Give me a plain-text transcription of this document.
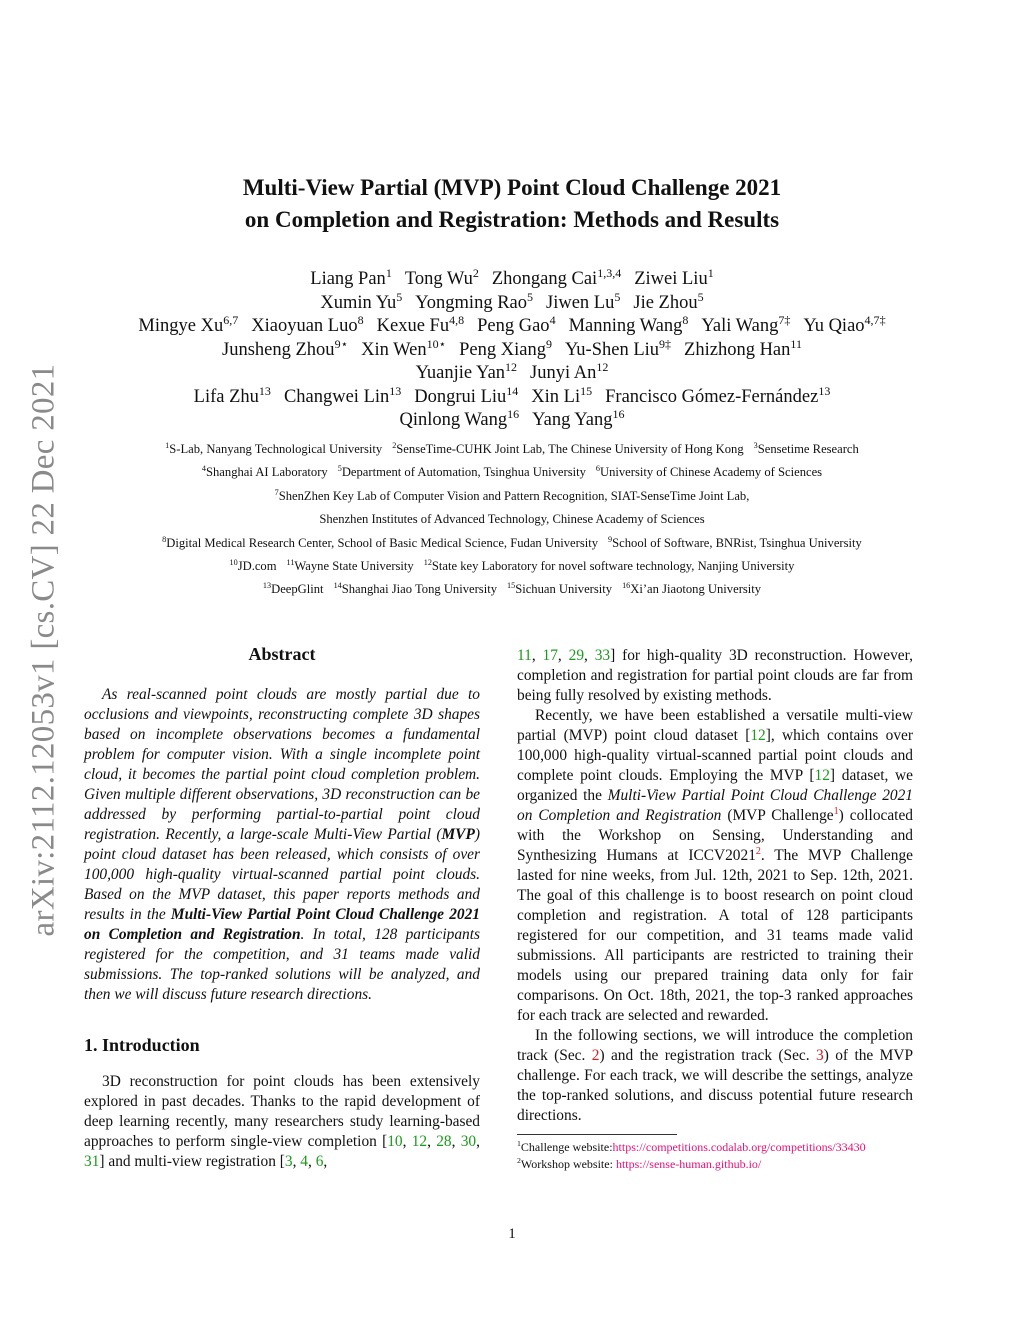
arXiv:2112.12053v1 [cs.CV] 22 Dec 2021
Multi-View Partial (MVP) Point Cloud Challenge 2021
on Completion and Registration: Methods and Results
Liang Pan$^1$ Tong Wu$^2$ Zhongang Cai$^{1,3,4}$ Ziwei Liu$^1$
Xumin Yu$^5$ Yongming Rao$^5$ Jiwen Lu$^5$ Jie Zhou$^5$
Mingye Xu$^{6,7}$ Xiaoyuan Luo$^8$ Kexue Fu$^{4,8}$ Peng Gao$^4$ Manning Wang$^8$ Yali Wang$^{7\ddagger}$ Yu Qiao$^{4,7\ddagger}$
Junsheng Zhou$^{9⋆}$ Xin Wen$^{10⋆}$ Peng Xiang$^9$ Yu-Shen Liu$^{9\ddagger}$ Zhizhong Han$^{11}$
Yuanjie Yan$^{12}$ Junyi An$^{12}$
Lifa Zhu$^{13}$ Changwei Lin$^{13}$ Dongrui Liu$^{14}$ Xin Li$^{15}$ Francisco Gómez-Fernández$^{13}$
Qinlong Wang$^{16}$ Yang Yang$^{16}$
$^1$S-Lab, Nanyang Technological University $^2$SenseTime-CUHK Joint Lab, The Chinese University of Hong Kong $^3$Sensetime Research
$^4$Shanghai AI Laboratory $^5$Department of Automation, Tsinghua University $^6$University of Chinese Academy of Sciences
$^7$ShenZhen Key Lab of Computer Vision and Pattern Recognition, SIAT-SenseTime Joint Lab,
Shenzhen Institutes of Advanced Technology, Chinese Academy of Sciences
$^8$Digital Medical Research Center, School of Basic Medical Science, Fudan University $^9$School of Software, BNRist, Tsinghua University
$^{10}$JD.com $^{11}$Wayne State University $^{12}$State key Laboratory for novel software technology, Nanjing University
$^{13}$DeepGlint $^{14}$Shanghai Jiao Tong University $^{15}$Sichuan University $^{16}$Xi’an Jiaotong University
Abstract

As real-scanned point clouds are mostly partial due to occlusions and viewpoints, reconstructing complete 3D shapes based on incomplete observations becomes a fundamental problem for computer vision. With a single incomplete point cloud, it becomes the partial point cloud completion problem. Given multiple different observations, 3D reconstruction can be addressed by performing partial-to-partial point cloud registration. Recently, a large-scale Multi-View Partial (MVP) point cloud dataset has been released, which consists of over 100,000 high-quality virtual-scanned partial point clouds. Based on the MVP dataset, this paper reports methods and results in the Multi-View Partial Point Cloud Challenge 2021 on Completion and Registration. In total, 128 participants registered for the competition, and 31 teams made valid submissions. The top-ranked solutions will be analyzed, and then we will discuss future research directions.

1. Introduction

3D reconstruction for point clouds has been extensively explored in past decades. Thanks to the rapid development of deep learning recently, many researchers study learning-based approaches to perform single-view completion [10, 12, 28, 30, 31] and multi-view registration [3, 4, 6,

11, 17, 29, 33] for high-quality 3D reconstruction. However, completion and registration for partial point clouds are far from being fully resolved by existing methods.

Recently, we have been established a versatile multi-view partial (MVP) point cloud dataset [12], which contains over 100,000 high-quality virtual-scanned partial point clouds and complete point clouds. Employing the MVP [12] dataset, we organized the Multi-View Partial Point Cloud Challenge 2021 on Completion and Registration (MVP Challenge$^1$) collocated with the Workshop on Sensing, Understanding and Synthesizing Humans at ICCV2021$^2$. The MVP Challenge lasted for nine weeks, from Jul. 12th, 2021 to Sep. 12th, 2021. The goal of this challenge is to boost research on point cloud completion and registration. A total of 128 participants registered for our competition, and 31 teams made valid submissions. All participants are restricted to training their models using our prepared training data only for fair comparisons. On Oct. 18th, 2021, the top-3 ranked approaches for each track are selected and rewarded.

In the following sections, we will introduce the completion track (Sec. 2) and the registration track (Sec. 3) of the MVP challenge. For each track, we will describe the settings, analyze the top-ranked solutions, and discuss potential future research directions.

$^1$Challenge website:https://competitions.codalab.org/competitions/33430
$^2$Workshop website: https://sense-human.github.io/
1
